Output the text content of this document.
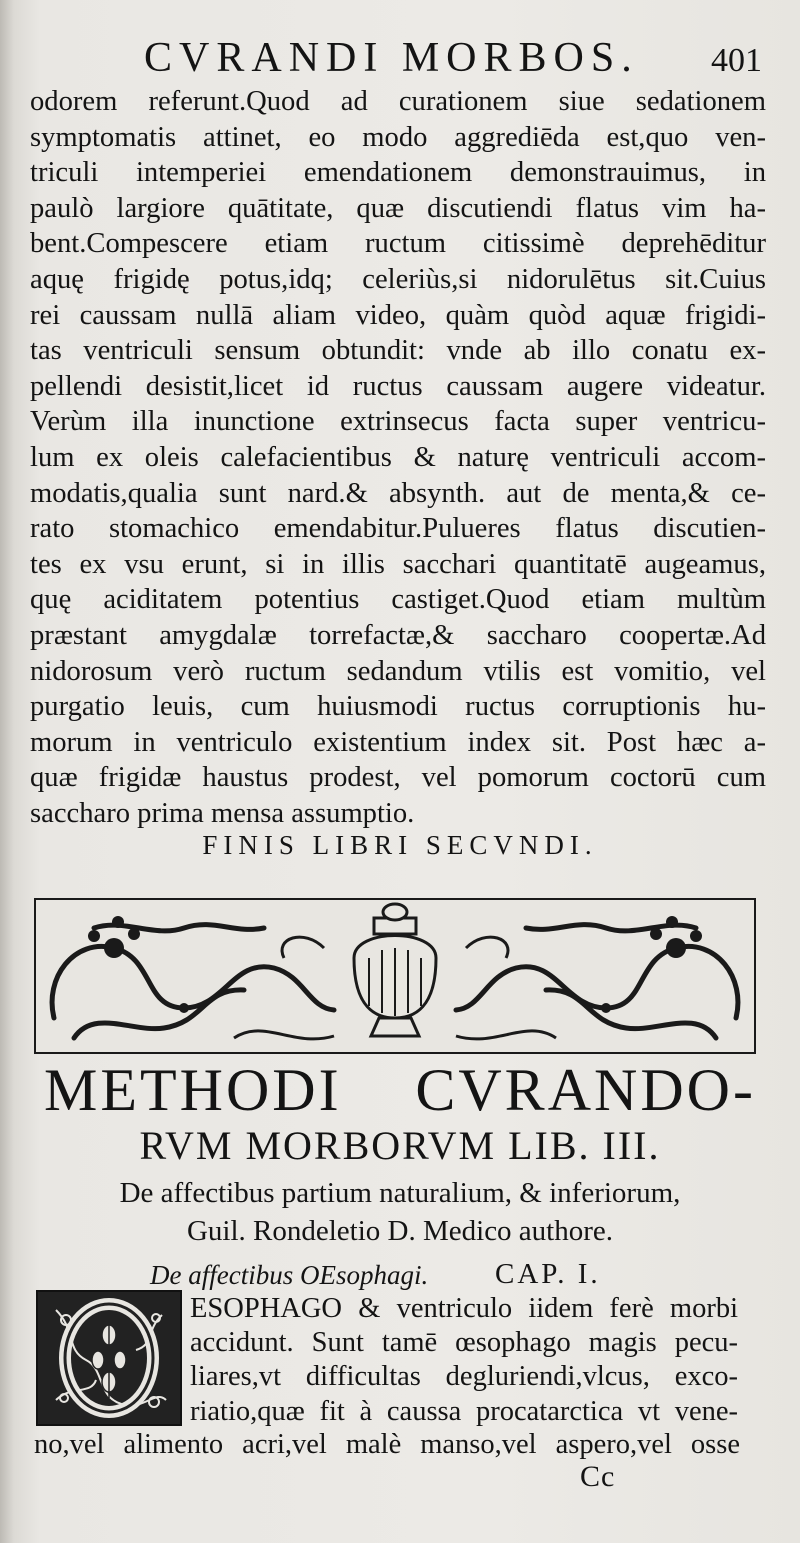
CVRANDI MORBOS. 401
odorem referunt.Quod ad curationem siue sedationem
symptomatis attinet, eo modo aggrediēda est,quo ven-
triculi intemperiei emendationem demonstrauimus, in
paulò largiore quātitate, quæ discutiendi flatus vim ha-
bent.Compescere etiam ructum citissimè deprehēditur
aquę frigidę potus,idq; celeriùs,si nidorulētus sit.Cuius
rei caussam nullā aliam video, quàm quòd aquæ frigidi-
tas ventriculi sensum obtundit: vnde ab illo conatu ex-
pellendi desistit,licet id ructus caussam augere videatur.
Verùm illa inunctione extrinsecus facta super ventricu-
lum ex oleis calefacientibus & naturę ventriculi accom-
modatis,qualia sunt nard.& absynth. aut de menta,& ce-
rato stomachico emendabitur.Pulueres flatus discutien-
tes ex vsu erunt, si in illis sacchari quantitatē augeamus,
quę aciditatem potentius castiget.Quod etiam multùm
præstant amygdalæ torrefactæ,& saccharo coopertæ.Ad
nidorosum verò ructum sedandum vtilis est vomitio, vel
purgatio leuis, cum huiusmodi ructus corruptionis hu-
morum in ventriculo existentium index sit. Post hæc a-
quæ frigidæ haustus prodest, vel pomorum coctorū cum
saccharo prima mensa assumptio.
FINIS LIBRI SECVNDI.
METHODI CVRANDO-
RVM MORBORVM LIB. III.
De affectibus partium naturalium, & inferiorum,
Guil. Rondeletio D. Medico authore.
De affectibus OEsophagi. CAP. I.
O
ESOPHAGO & ventriculo iidem ferè morbi
accidunt. Sunt tamē œsophago magis pecu-
liares,vt difficultas degluriendi,vlcus, exco-
riatio,quæ fit à caussa procatarctica vt vene-
no,vel alimento acri,vel malè manso,vel aspero,vel osse
Cc
